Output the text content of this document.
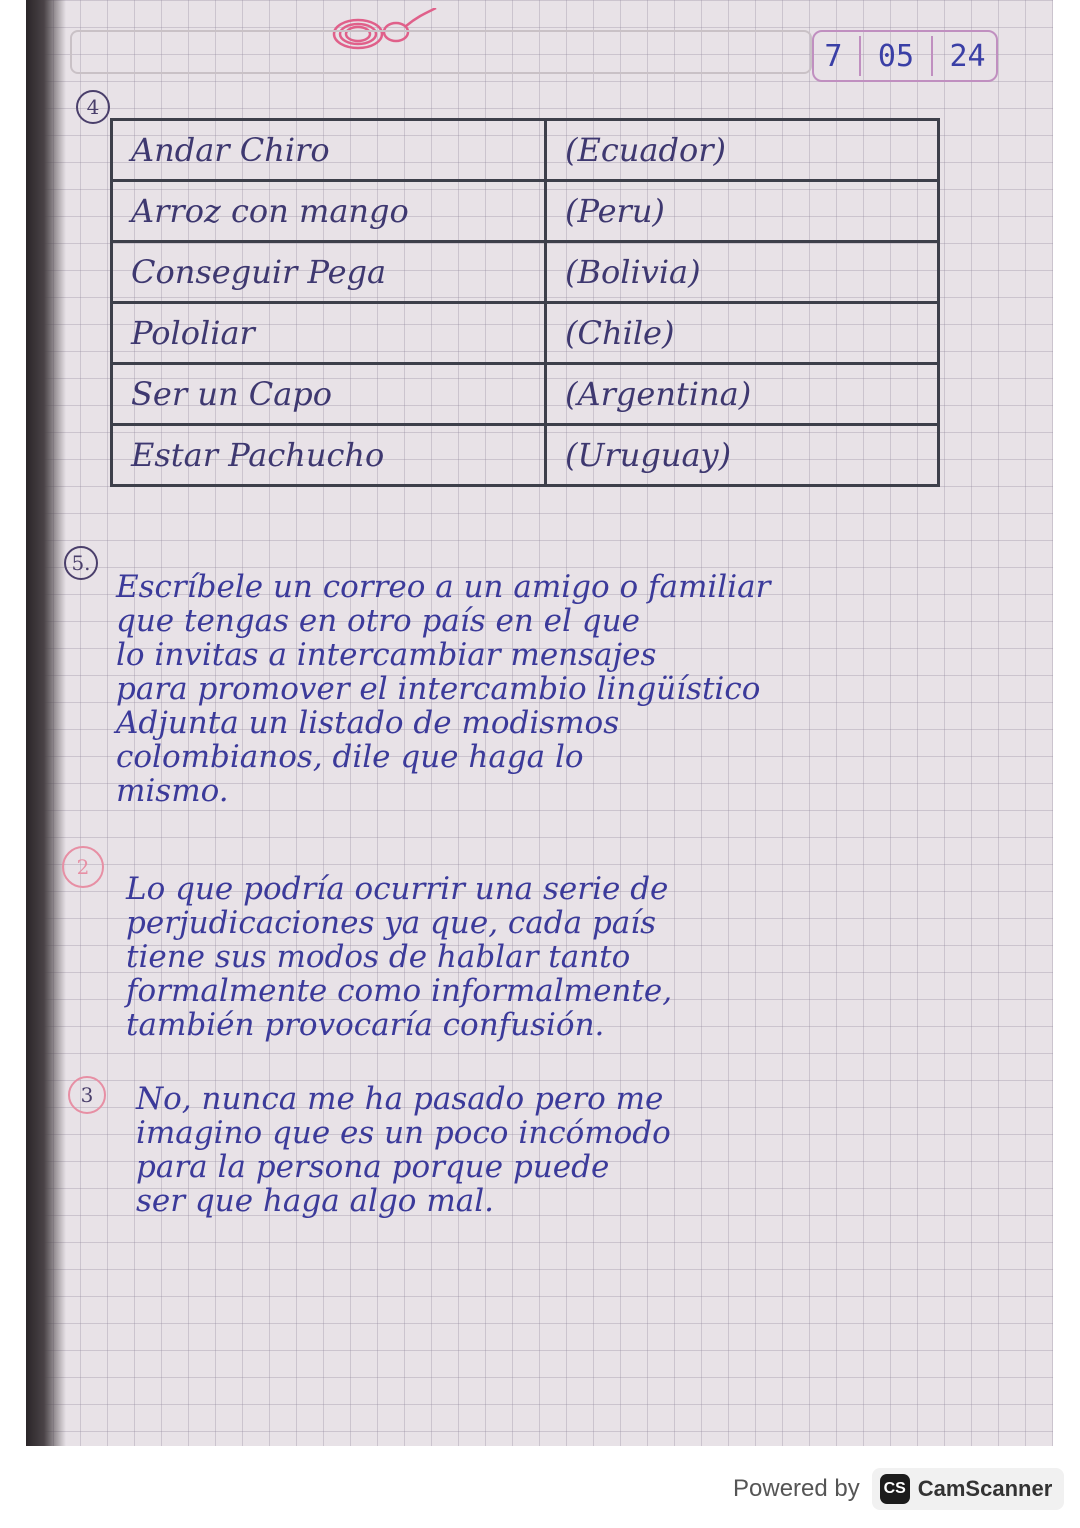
7 05 24
4
Andar Chiro	(Ecuador)
Arroz con mango	(Peru)
Conseguir Pega	(Bolivia)
Pololiar	(Chile)
Ser un Capo	(Argentina)
Estar Pachucho	(Uruguay)
5.
Escríbele un correo a un amigo o familiar
que tengas en otro país en el que
lo invitas a intercambiar mensajes
para promover el intercambio lingüístico
Adjunta un listado de modismos
colombianos, dile que haga lo
mismo.
2
Lo que podría ocurrir una serie de
perjudicaciones ya que, cada país
tiene sus modos de hablar tanto
formalmente como informalmente,
también provocaría confusión.
3	No, nunca me ha pasado pero me
imagino que es un poco incómodo
para la persona porque puede
ser que haga algo mal.
Powered by CS CamScanner
